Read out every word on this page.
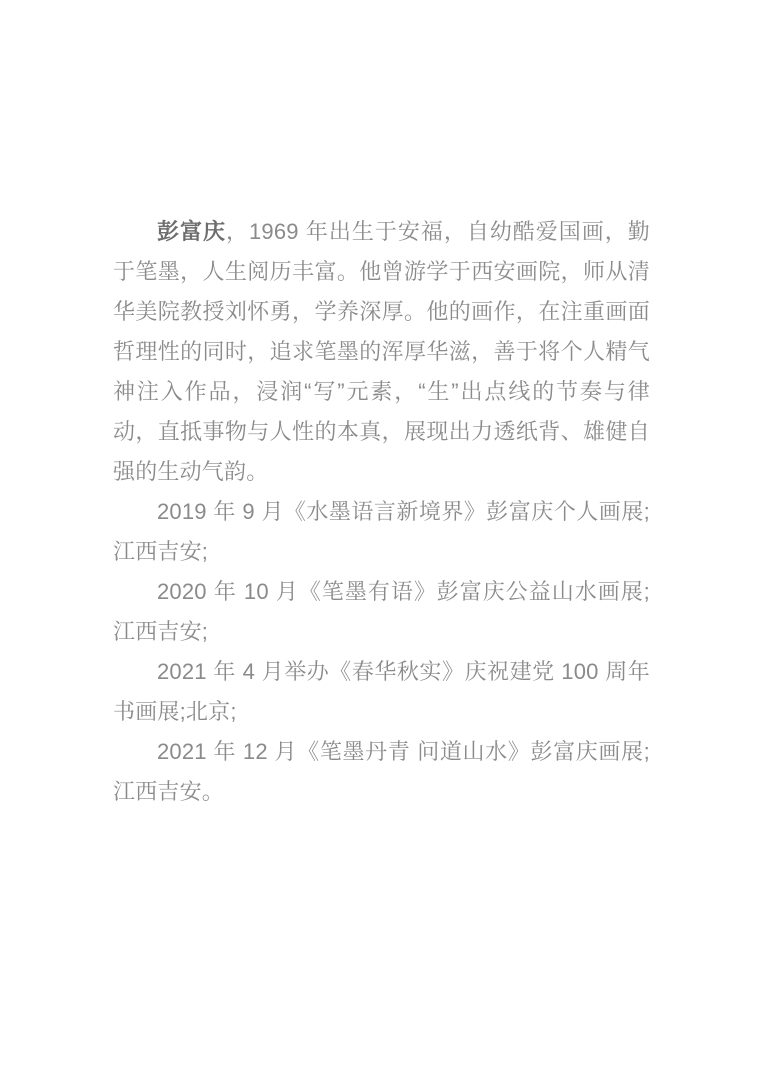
彭富庆，1969 年出生于安福，自幼酷爱国画，勤于笔墨，人生阅历丰富。他曾游学于西安画院，师从清华美院教授刘怀勇，学养深厚。他的画作，在注重画面哲理性的同时，追求笔墨的浑厚华滋，善于将个人精气神注入作品，浸润“写”元素，“生”出点线的节奏与律动，直抵事物与人性的本真，展现出力透纸背、雄健自强的生动气韵。

2019 年 9 月《水墨语言新境界》彭富庆个人画展;江西吉安;

2020 年 10 月《笔墨有语》彭富庆公益山水画展;江西吉安;

2021 年 4 月举办《春华秋实》庆祝建党 100 周年书画展;北京;

2021 年 12 月《笔墨丹青 问道山水》彭富庆画展;江西吉安。
